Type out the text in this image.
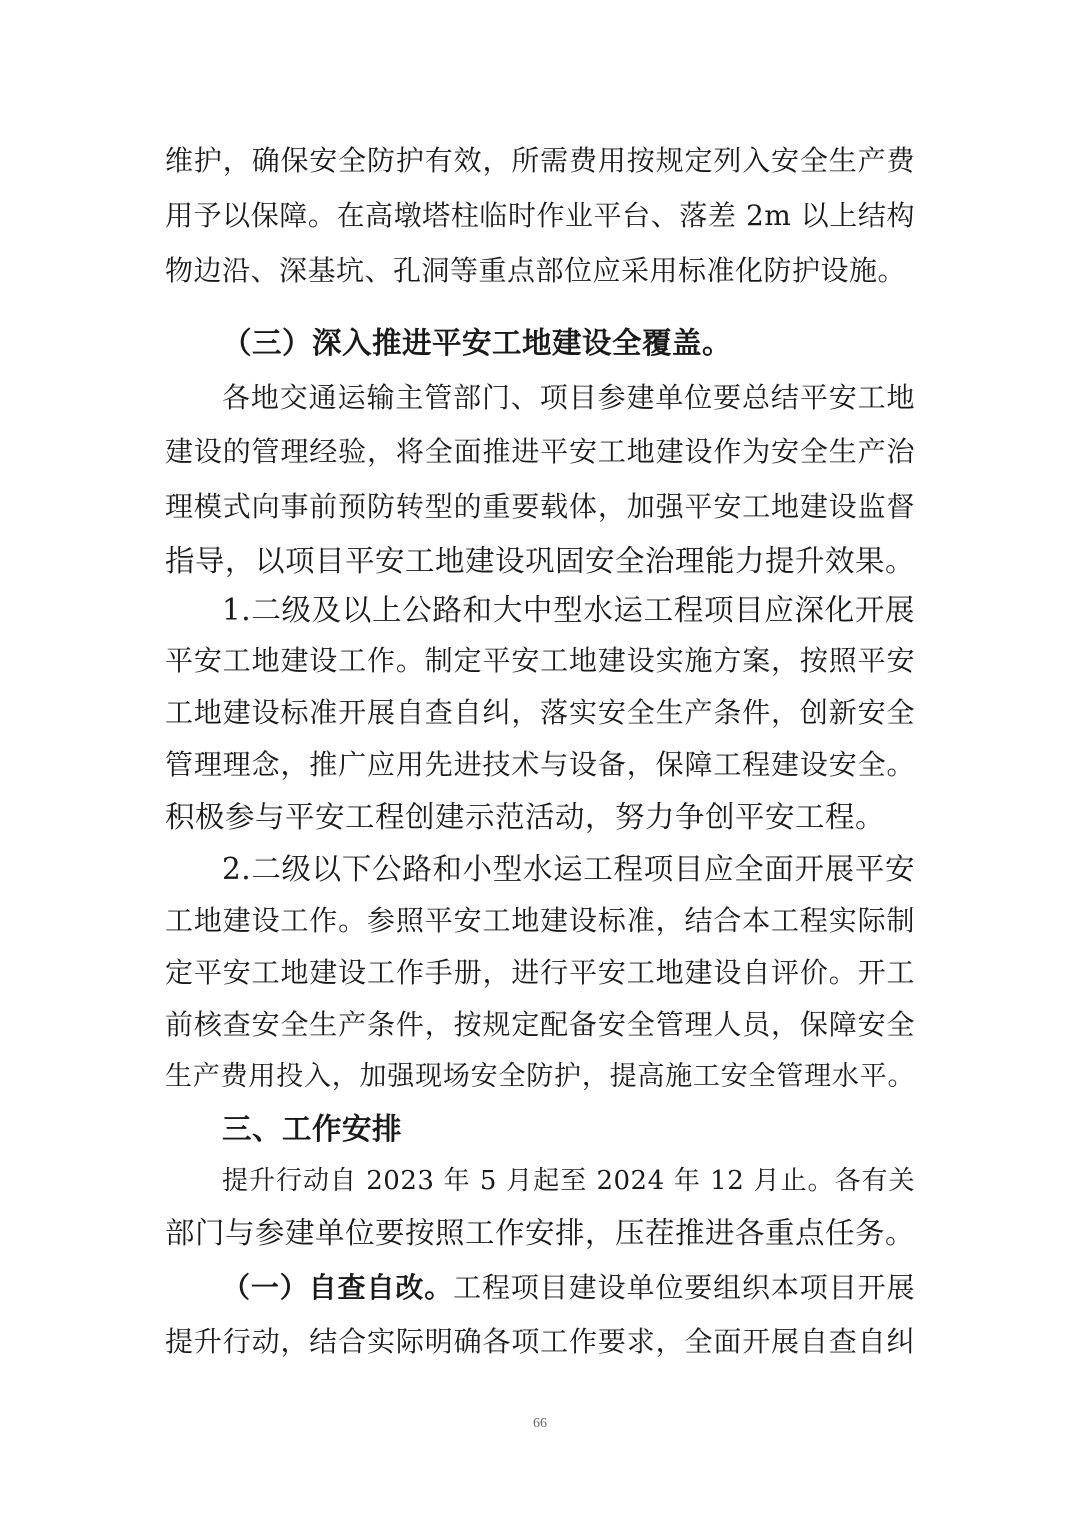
维护，确保安全防护有效，所需费用按规定列入安全生产费
用予以保障。在高墩塔柱临时作业平台、落差 2m 以上结构
物边沿、深基坑、孔洞等重点部位应采用标准化防护设施。
（三）深入推进平安工地建设全覆盖。
各地交通运输主管部门、项目参建单位要总结平安工地
建设的管理经验，将全面推进平安工地建设作为安全生产治
理模式向事前预防转型的重要载体，加强平安工地建设监督
指导，以项目平安工地建设巩固安全治理能力提升效果。
1.二级及以上公路和大中型水运工程项目应深化开展
平安工地建设工作。制定平安工地建设实施方案，按照平安
工地建设标准开展自查自纠，落实安全生产条件，创新安全
管理理念，推广应用先进技术与设备，保障工程建设安全。
积极参与平安工程创建示范活动，努力争创平安工程。
2.二级以下公路和小型水运工程项目应全面开展平安
工地建设工作。参照平安工地建设标准，结合本工程实际制
定平安工地建设工作手册，进行平安工地建设自评价。开工
前核查安全生产条件，按规定配备安全管理人员，保障安全
生产费用投入，加强现场安全防护，提高施工安全管理水平。
三、工作安排
提升行动自 2023 年 5 月起至 2024 年 12 月止。各有关
部门与参建单位要按照工作安排，压茬推进各重点任务。
（一）自查自改。工程项目建设单位要组织本项目开展
提升行动，结合实际明确各项工作要求，全面开展自查自纠
66
